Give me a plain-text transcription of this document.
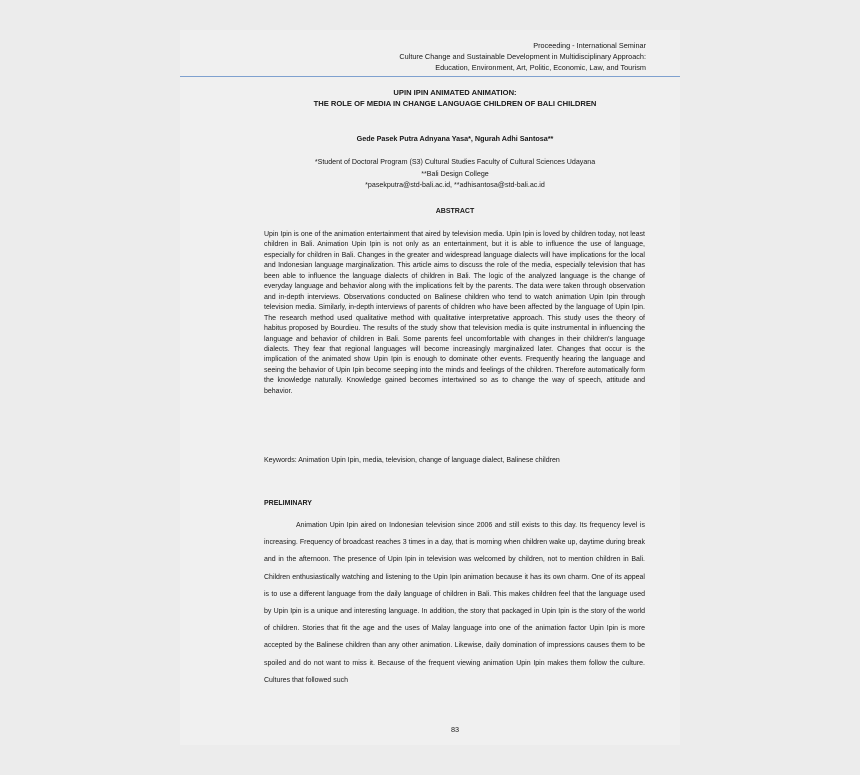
Proceeding - International Seminar
Culture Change and Sustainable Development in Multidisciplinary Approach:
Education, Environment, Art, Politic, Economic, Law, and Tourism
UPIN IPIN ANIMATED ANIMATION:
THE ROLE OF MEDIA IN CHANGE LANGUAGE CHILDREN OF BALI CHILDREN
Gede Pasek Putra Adnyana Yasa*, Ngurah Adhi Santosa**
*Student of Doctoral Program (S3) Cultural Studies Faculty of Cultural Sciences Udayana
**Bali Design College
*pasekputra@std-bali.ac.id, **adhisantosa@std-bali.ac.id
ABSTRACT

Upin Ipin is one of the animation entertainment that aired by television media. Upin Ipin is loved by children today, not least children in Bali. Animation Upin Ipin is not only as an entertainment, but it is able to influence the use of language, especially for children in Bali. Changes in the greater and widespread language dialects will have implications for the local and Indonesian language marginalization. This article aims to discuss the role of the media, especially television that has been able to influence the language dialects of children in Bali. The logic of the analyzed language is the change of everyday language and behavior along with the implications felt by the parents. The data were taken through observation and in-depth interviews. Observations conducted on Balinese children who tend to watch animation Upin Ipin through television media. Similarly, in-depth interviews of parents of children who have been affected by the language of Upin Ipin. The research method used qualitative method with qualitative interpretative approach. This study uses the theory of habitus proposed by Bourdieu. The results of the study show that television media is quite instrumental in influencing the language and behavior of children in Bali. Some parents feel uncomfortable with changes in their children's language dialects. They fear that regional languages will become increasingly marginalized later. Changes that occur is the implication of the animated show Upin Ipin is enough to dominate other events. Frequently hearing the language and seeing the behavior of Upin Ipin become seeping into the minds and feelings of the children. Therefore automatically form the knowledge naturally. Knowledge gained becomes intertwined so as to change the way of speech, attitude and behavior.

Keywords: Animation Upin Ipin, media, television, change of language dialect, Balinese children

PRELIMINARY

Animation Upin Ipin aired on Indonesian television since 2006 and still exists to this day. Its frequency level is increasing. Frequency of broadcast reaches 3 times in a day, that is morning when children wake up, daytime during break and in the afternoon. The presence of Upin Ipin in television was welcomed by children, not to mention children in Bali. Children enthusiastically watching and listening to the Upin Ipin animation because it has its own charm. One of its appeal is to use a different language from the daily language of children in Bali. This makes children feel that the language used by Upin Ipin is a unique and interesting language. In addition, the story that packaged in Upin Ipin is the story of the world of children. Stories that fit the age and the uses of Malay language into one of the animation factor Upin Ipin is more accepted by the Balinese children than any other animation. Likewise, daily domination of impressions causes them to be spoiled and do not want to miss it. Because of the frequent viewing animation Upin Ipin makes them follow the culture. Cultures that followed such

83
